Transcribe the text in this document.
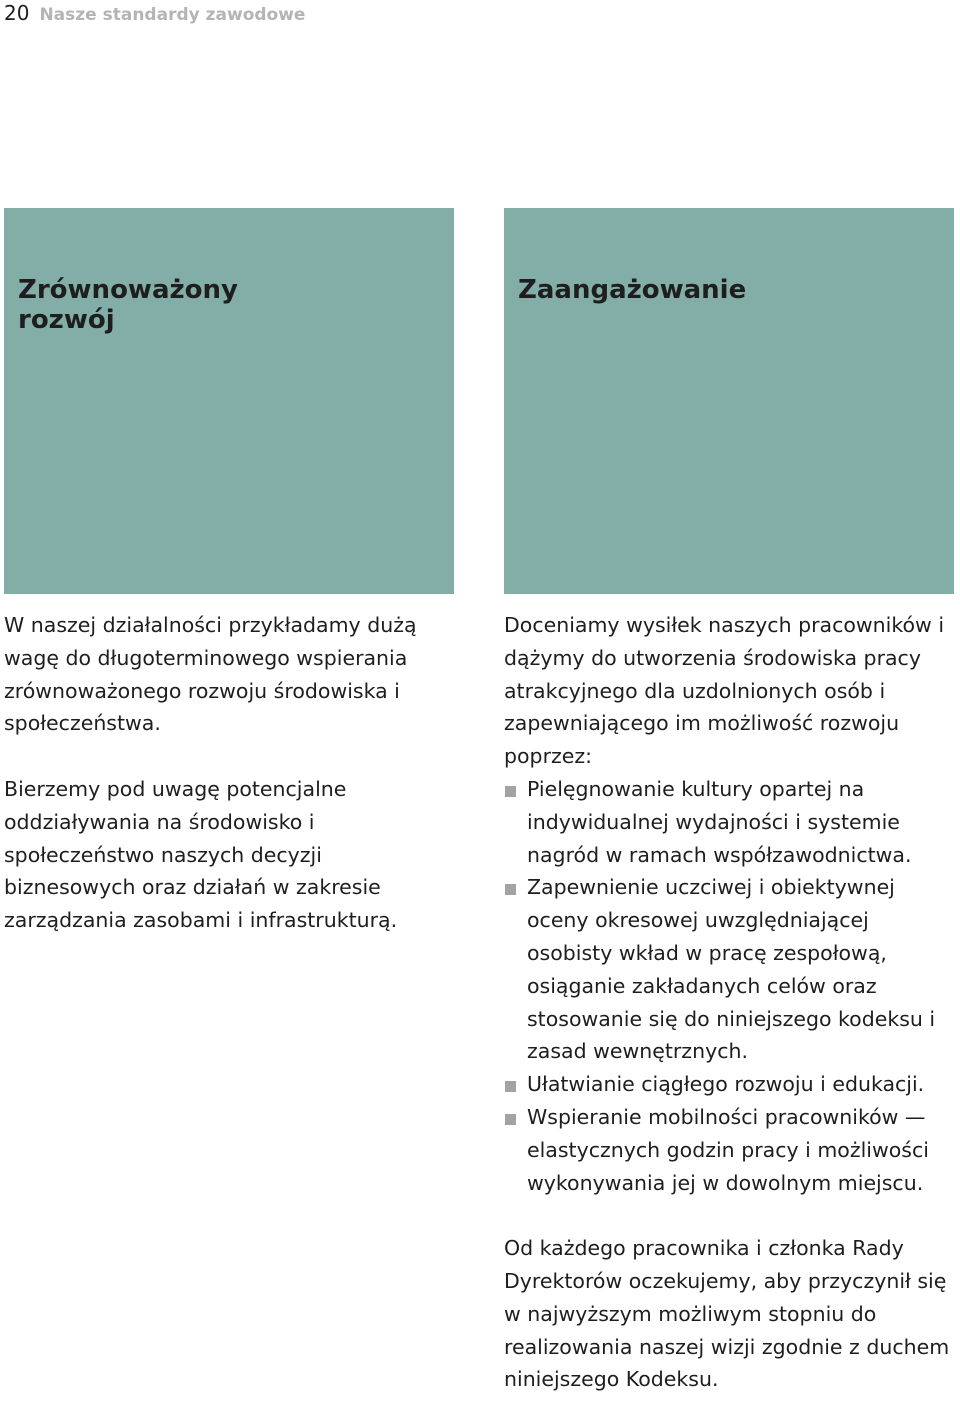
20 Nasze standardy zawodowe
Zrównoważony rozwój
Zaangażowanie

W naszej działalności przykładamy dużą wagę do długoterminowego wspierania zrównoważonego rozwoju środowiska i społeczeństwa.

Bierzemy pod uwagę potencjalne oddziaływania na środowisko i społeczeństwo naszych decyzji biznesowych oraz działań w zakresie zarządzania zasobami i infrastrukturą.

Doceniamy wysiłek naszych pracowników i dążymy do utworzenia środowiska pracy atrakcyjnego dla uzdolnionych osób i zapewniającego im możliwość rozwoju poprzez:

Pielęgnowanie kultury opartej na indywidualnej wydajności i systemie nagród w ramach współzawodnictwa.
Zapewnienie uczciwej i obiektywnej oceny okresowej uwzględniającej osobisty wkład w pracę zespołową, osiąganie zakładanych celów oraz stosowanie się do niniejszego kodeksu i zasad wewnętrznych.
Ułatwianie ciągłego rozwoju i edukacji.
Wspieranie mobilności pracowników — elastycznych godzin pracy i możliwości wykonywania jej w dowolnym miejscu.

Od każdego pracownika i członka Rady Dyrektorów oczekujemy, aby przyczynił się w najwyższym możliwym stopniu do realizowania naszej wizji zgodnie z duchem niniejszego Kodeksu.
